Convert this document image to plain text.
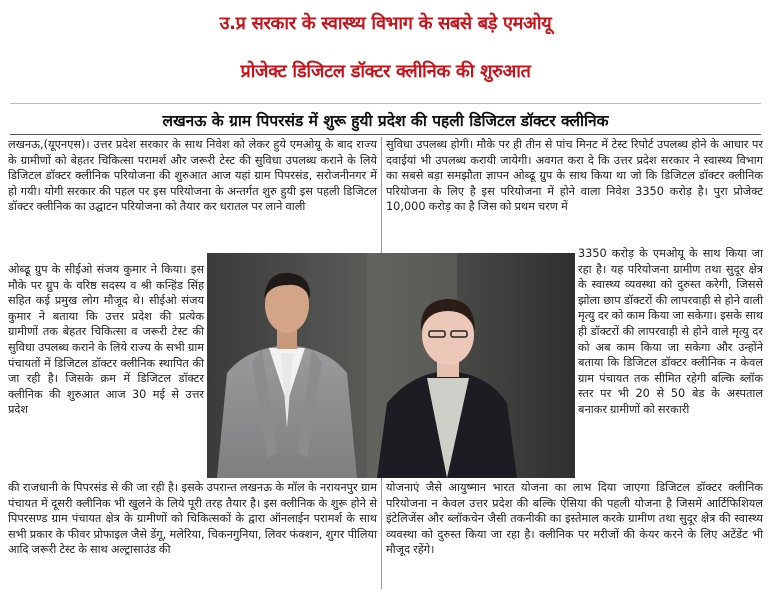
उ.प्र सरकार के स्वास्थ्य विभाग के सबसे बड़े एमओयू
प्रोजेक्ट डिजिटल डॉक्टर क्लीनिक की शुरुआत
लखनऊ के ग्राम पिपरसंड में शुरू हुयी प्रदेश की पहली डिजिटल डॉक्टर क्लीनिक

लखनऊ,(यूएनएस)। उत्तर प्रदेश सरकार के साथ निवेश को लेकर हुये एमओयू के बाद राज्य के ग्रामीणों को बेहतर चिकित्सा परामर्श और जरूरी टेस्ट की सुविधा उपलब्ध कराने के लिये डिजिटल डॉक्टर क्लीनिक परियोजना की शुरुआत आज यहां ग्राम पिपरसंड, सरोजनीनगर में हो गयी। योगी सरकार की पहल पर इस परियोजना के अन्तर्गत शुरु हुयी इस पहली डिजिटल डॉक्टर क्लीनिक का उद्घाटन परियोजना को तैयार कर धरातल पर लाने वाली

ओब्ढू ग्रुप के सीईओ संजय कुमार ने किया। इस मौके पर ग्रुप के वरिष्ठ सदस्य व श्री कन्हिंड सिंह सहित कई प्रमुख लोग मौजूद थे। सीईओ संजय कुमार ने बताया कि उत्तर प्रदेश की प्रत्येक ग्रामीणों तक बेहतर चिकित्सा व जरूरी टेस्ट की सुविधा उपलब्ध कराने के लिये राज्य के सभी ग्राम पंचायतों में डिजिटल डॉक्टर क्लीनिक स्थापित की जा रही है। जिसके क्रम में डिजिटल डॉक्टर क्लीनिक की शुरुआत आज 30 मई से उत्तर प्रदेश

की राजधानी के पिपरसंड से की जा रही है। इसके उपरान्त लखनऊ के मॉल के नरायनपुर ग्राम पंचायत में दूसरी क्लीनिक भी खुलने के लिये पूरी तरह तैयार है। इस क्लीनिक के शुरू होने से पिपरसण्ड ग्राम पंचायत क्षेत्र के ग्रामीणों को चिकित्सकों के द्वारा ऑनलाईन परामर्श के साथ सभी प्रकार के फीवर प्रोफाइल जैसे डेंगू, मलेरिया, चिकनगुनिया, लिवर फंक्शन, शुगर पीलिया आदि जरूरी टेस्ट के साथ अल्ट्रासाउंड की

सुविधा उपलब्ध होगी। मौके पर ही तीन से पांच मिनट में टेस्ट रिपोर्ट उपलब्ध होने के आधार पर दवाईयां भी उपलब्ध करायी जायेगी। अवगत करा दे कि उत्तर प्रदेश सरकार ने स्वास्थ्य विभाग का सबसे बड़ा समझौता ज्ञापन ओब्ढू ग्रुप के साथ किया था जो कि डिजिटल डॉक्टर क्लीनिक परियोजना के लिए है इस परियोजना में होने वाला निवेश 3350 करोड़ है। पुरा प्रोजेक्ट 10,000 करोड़ का है जिस को प्रथम चरण में

3350 करोड़ के एमओयू के साथ किया जा रहा है। यह परियोजना ग्रामीण तथा सुदूर क्षेत्र के स्वास्थ्य व्यवस्था को दुरुस्त करेगी, जिससे झोला छाप डॉक्टरों की लापरवाही से होने वाली मृत्यु दर को काम किया जा सकेगा। इसके साथ ही डॉक्टरों की लापरवाही से होने वाले मृत्यु दर को अब काम किया जा सकेगा और उन्होंने बताया कि डिजिटल डॉक्टर क्लीनिक न केवल ग्राम पंचायत तक सीमित रहेगी बल्कि ब्लॉक स्तर पर भी 20 से 50 बेड के अस्पताल बनाकर ग्रामीणों को सरकारी

योजनाएं जैसे आयुष्मान भारत योजना का लाभ दिया जाएगा डिजिटल डॉक्टर क्लीनिक परियोजना न केवल उत्तर प्रदेश की बल्कि ऐसिया की पहली योजना है जिसमें आर्टिफिशियल इंटेलिजेंस और ब्लॉकचेन जैसी तकनीकी का इस्तेमाल करके ग्रामीण तथा सुदूर क्षेत्र की स्वास्थ्य व्यवस्था को दुरुस्त किया जा रहा है। क्लीनिक पर मरीजों की केयर करने के लिए अटेंडेंट भी मौजूद रहेंगे।
